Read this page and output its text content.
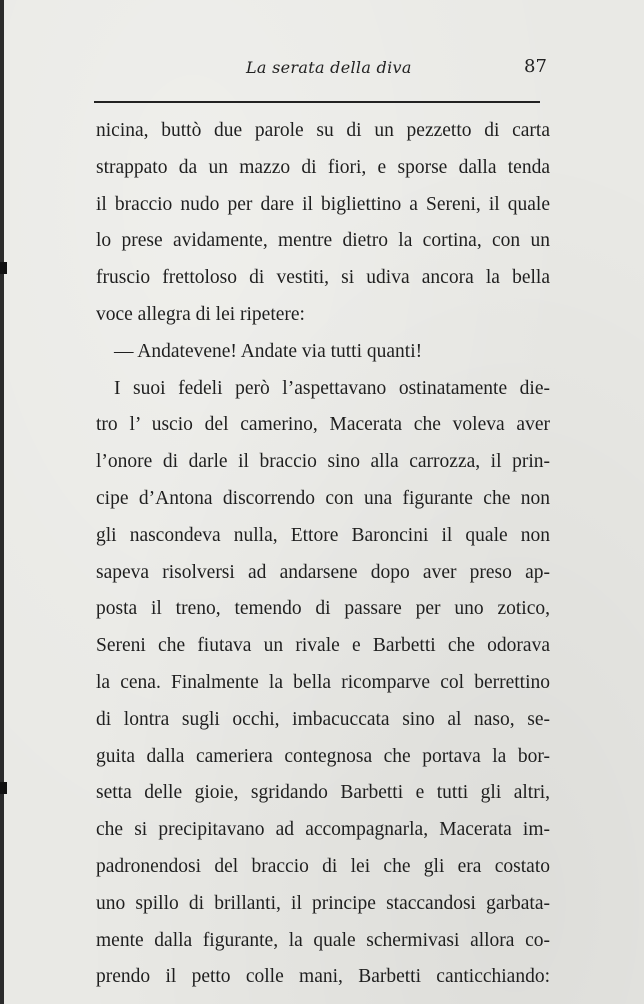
La serata della diva	87
nicina, buttò due parole su di un pezzetto di carta
strappato da un mazzo di fiori, e sporse dalla tenda
il braccio nudo per dare il bigliettino a Sereni, il quale
lo prese avidamente, mentre dietro la cortina, con un
fruscio frettoloso di vestiti, si udiva ancora la bella
voce allegra di lei ripetere:
— Andatevene! Andate via tutti quanti!
I suoi fedeli però l’aspettavano ostinatamente die-
tro l’ uscio del camerino, Macerata che voleva aver
l’onore di darle il braccio sino alla carrozza, il prin-
cipe d’Antona discorrendo con una figurante che non
gli nascondeva nulla, Ettore Baroncini il quale non
sapeva risolversi ad andarsene dopo aver preso ap-
posta il treno, temendo di passare per uno zotico,
Sereni che fiutava un rivale e Barbetti che odorava
la cena. Finalmente la bella ricomparve col berrettino
di lontra sugli occhi, imbacuccata sino al naso, se-
guita dalla cameriera contegnosa che portava la bor-
setta delle gioie, sgridando Barbetti e tutti gli altri,
che si precipitavano ad accompagnarla, Macerata im-
padronendosi del braccio di lei che gli era costato
uno spillo di brillanti, il principe staccandosi garbata-
mente dalla figurante, la quale schermivasi allora co-
prendo il petto colle mani, Barbetti canticchiando:
